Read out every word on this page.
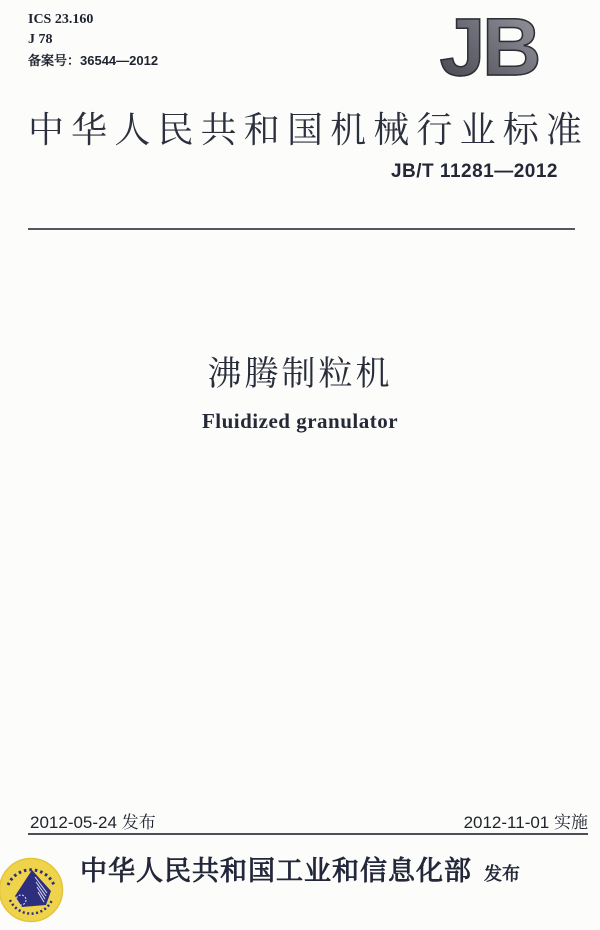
ICS 23.160
J 78
备案号：36544—2012	JB
中 华 人 民 共 和 国 机 械 行 业 标 准
JB/T 11281—2012
沸腾制粒机
Fluidized granulator
2012-05-24 发布	2012-11-01 实施
中华人民共和国工业和信息化部 发布
